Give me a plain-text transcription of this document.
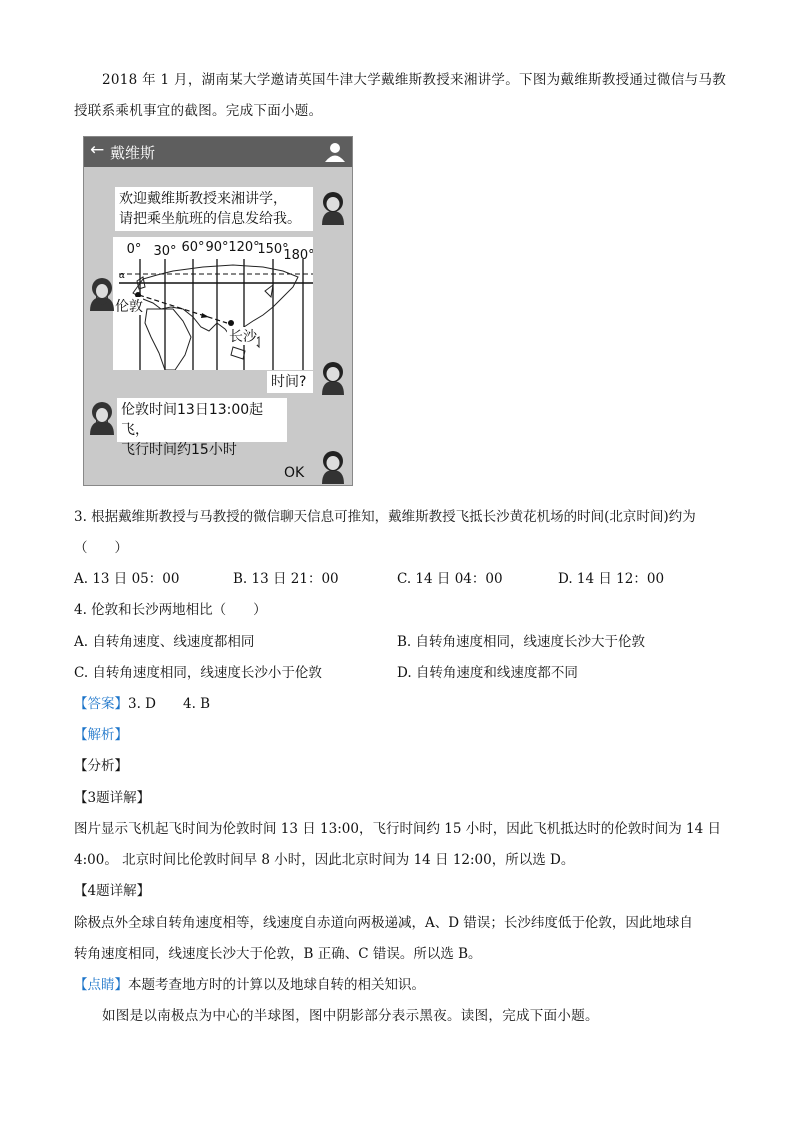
2018 年 1 月，湖南某大学邀请英国牛津大学戴维斯教授来湘讲学。下图为戴维斯教授通过微信与马教
授联系乘机事宜的截图。完成下面小题。
← 戴维斯
欢迎戴维斯教授来湘讲学，
请把乘坐航班的信息发给我。
α
0° 30° 60° 90° 120°
150°
180°
伦敦
长沙
时间?
伦敦时间13日13:00起飞，
飞行时间约15小时
OK
3. 根据戴维斯教授与马教授的微信聊天信息可推知，戴维斯教授飞抵长沙黄花机场的时间(北京时间)约为
（　　）
A. 13 日 05：00	B. 13 日 21：00	C. 14 日 04：00	D. 14 日 12：00
4. 伦敦和长沙两地相比（　　）
A. 自转角速度、线速度都相同	B. 自转角速度相同，线速度长沙大于伦敦
C. 自转角速度相同，线速度长沙小于伦敦	D. 自转角速度和线速度都不同
【答案】3. D　　4. B
【解析】
【分析】
【3题详解】
图片显示飞机起飞时间为伦敦时间 13 日 13:00，飞行时间约 15 小时，因此飞机抵达时的伦敦时间为 14 日
4:00。 北京时间比伦敦时间早 8 小时，因此北京时间为 14 日 12:00，所以选 D。
【4题详解】
除极点外全球自转角速度相等，线速度自赤道向两极递减，A、D 错误；长沙纬度低于伦敦，因此地球自
转角速度相同，线速度长沙大于伦敦，B 正确、C 错误。所以选 B。
【点睛】本题考查地方时的计算以及地球自转的相关知识。
如图是以南极点为中心的半球图，图中阴影部分表示黑夜。读图，完成下面小题。
